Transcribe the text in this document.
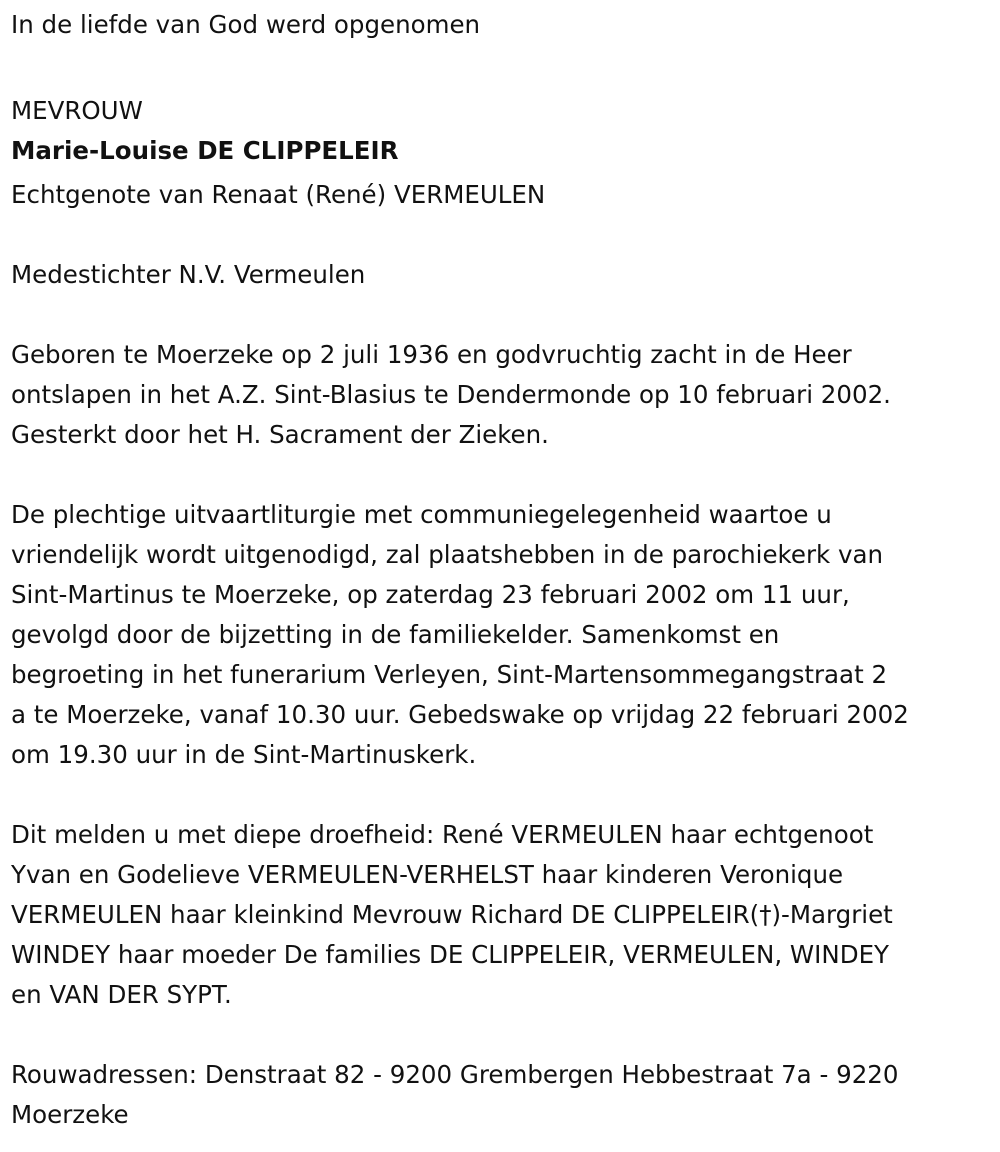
In de liefde van God werd opgenomen

MEVROUW

Marie-Louise DE CLIPPELEIR

Echtgenote van Renaat (René) VERMEULEN

Medestichter N.V. Vermeulen

Geboren te Moerzeke op 2 juli 1936 en godvruchtig zacht in de Heer

ontslapen in het A.Z. Sint-Blasius te Dendermonde op 10 februari 2002.

Gesterkt door het H. Sacrament der Zieken.

De plechtige uitvaartliturgie met communiegelegenheid waartoe u

vriendelijk wordt uitgenodigd, zal plaatshebben in de parochiekerk van

Sint-Martinus te Moerzeke, op zaterdag 23 februari 2002 om 11 uur,

gevolgd door de bijzetting in de familiekelder. Samenkomst en

begroeting in het funerarium Verleyen, Sint-Martensommegangstraat 2

a te Moerzeke, vanaf 10.30 uur. Gebedswake op vrijdag 22 februari 2002

om 19.30 uur in de Sint-Martinuskerk.

Dit melden u met diepe droefheid: René VERMEULEN haar echtgenoot

Yvan en Godelieve VERMEULEN-VERHELST haar kinderen Veronique

VERMEULEN haar kleinkind Mevrouw Richard DE CLIPPELEIR(†)-Margriet

WINDEY haar moeder De families DE CLIPPELEIR, VERMEULEN, WINDEY

en VAN DER SYPT.

Rouwadressen: Denstraat 82 - 9200 Grembergen Hebbestraat 7a - 9220

Moerzeke
